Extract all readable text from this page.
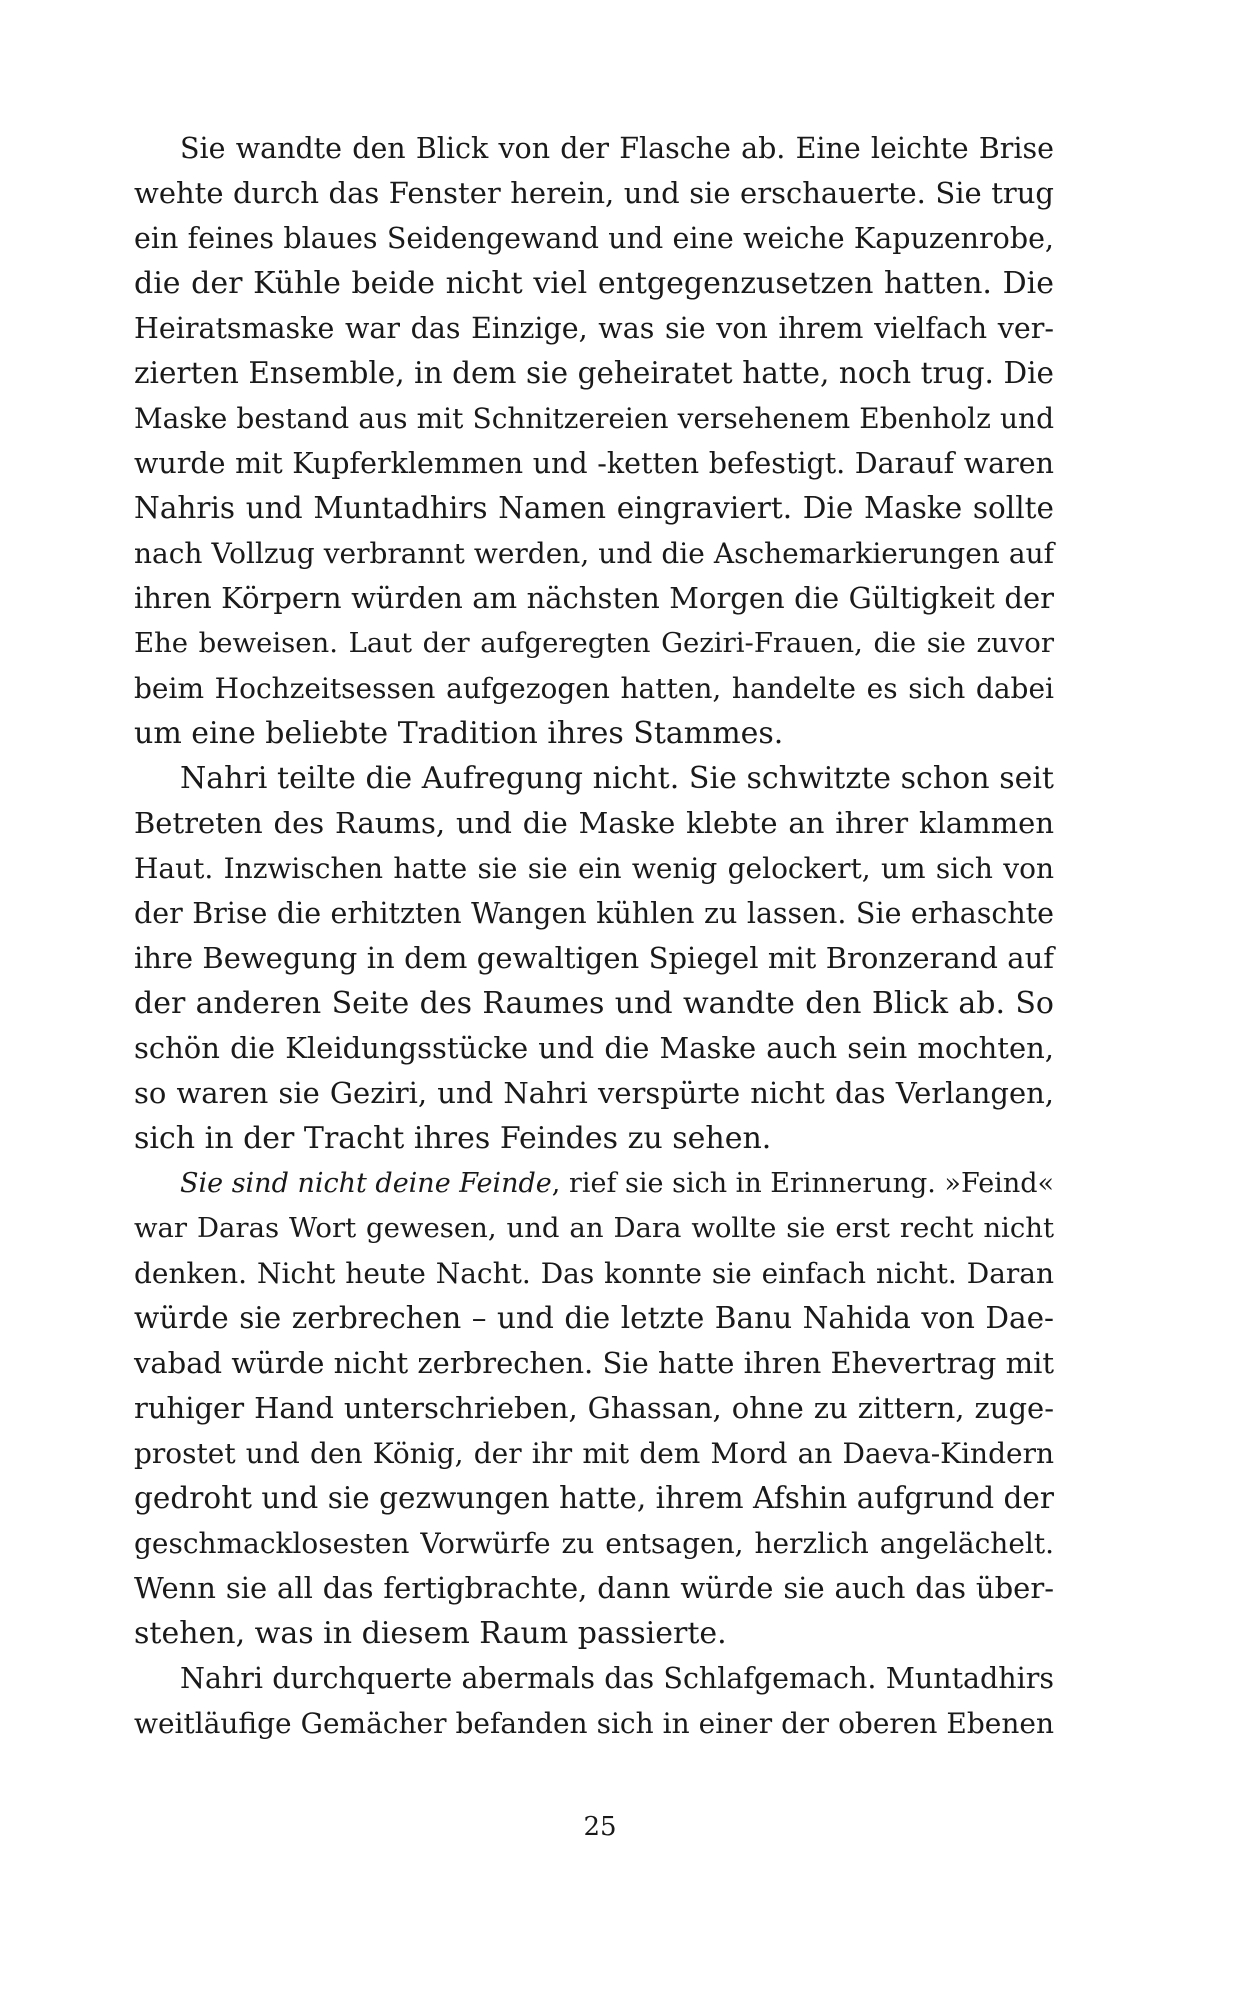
Sie wandte den Blick von der Flasche ab. Eine leichte Brise
wehte durch das Fenster herein, und sie erschauerte. Sie trug
ein feines blaues Seidengewand und eine weiche Kapuzenrobe,
die der Kühle beide nicht viel entgegenzusetzen hatten. Die
Heiratsmaske war das Einzige, was sie von ihrem vielfach ver-
zierten Ensemble, in dem sie geheiratet hatte, noch trug. Die
Maske bestand aus mit Schnitzereien versehenem Ebenholz und
wurde mit Kupferklemmen und -ketten befestigt. Darauf waren
Nahris und Muntadhirs Namen eingraviert. Die Maske sollte
nach Vollzug verbrannt werden, und die Aschemarkierungen auf
ihren Körpern würden am nächsten Morgen die Gültigkeit der
Ehe beweisen. Laut der aufgeregten Geziri-Frauen, die sie zuvor
beim Hochzeitsessen aufgezogen hatten, handelte es sich dabei
um eine beliebte Tradition ihres Stammes.
Nahri teilte die Aufregung nicht. Sie schwitzte schon seit
Betreten des Raums, und die Maske klebte an ihrer klammen
Haut. Inzwischen hatte sie sie ein wenig gelockert, um sich von
der Brise die erhitzten Wangen kühlen zu lassen. Sie erhaschte
ihre Bewegung in dem gewaltigen Spiegel mit Bronzerand auf
der anderen Seite des Raumes und wandte den Blick ab. So
schön die Kleidungsstücke und die Maske auch sein mochten,
so waren sie Geziri, und Nahri verspürte nicht das Verlangen,
sich in der Tracht ihres Feindes zu sehen.
Sie sind nicht deine Feinde, rief sie sich in Erinnerung. »Feind«
war Daras Wort gewesen, und an Dara wollte sie erst recht nicht
denken. Nicht heute Nacht. Das konnte sie einfach nicht. Daran
würde sie zerbrechen – und die letzte Banu Nahida von Dae-
vabad würde nicht zerbrechen. Sie hatte ihren Ehevertrag mit
ruhiger Hand unterschrieben, Ghassan, ohne zu zittern, zuge-
prostet und den König, der ihr mit dem Mord an Daeva-Kindern
gedroht und sie gezwungen hatte, ihrem Afshin aufgrund der
geschmacklosesten Vorwürfe zu entsagen, herzlich angelächelt.
Wenn sie all das fertigbrachte, dann würde sie auch das über-
stehen, was in diesem Raum passierte.
Nahri durchquerte abermals das Schlafgemach. Muntadhirs
weitläufige Gemächer befanden sich in einer der oberen Ebenen
25
